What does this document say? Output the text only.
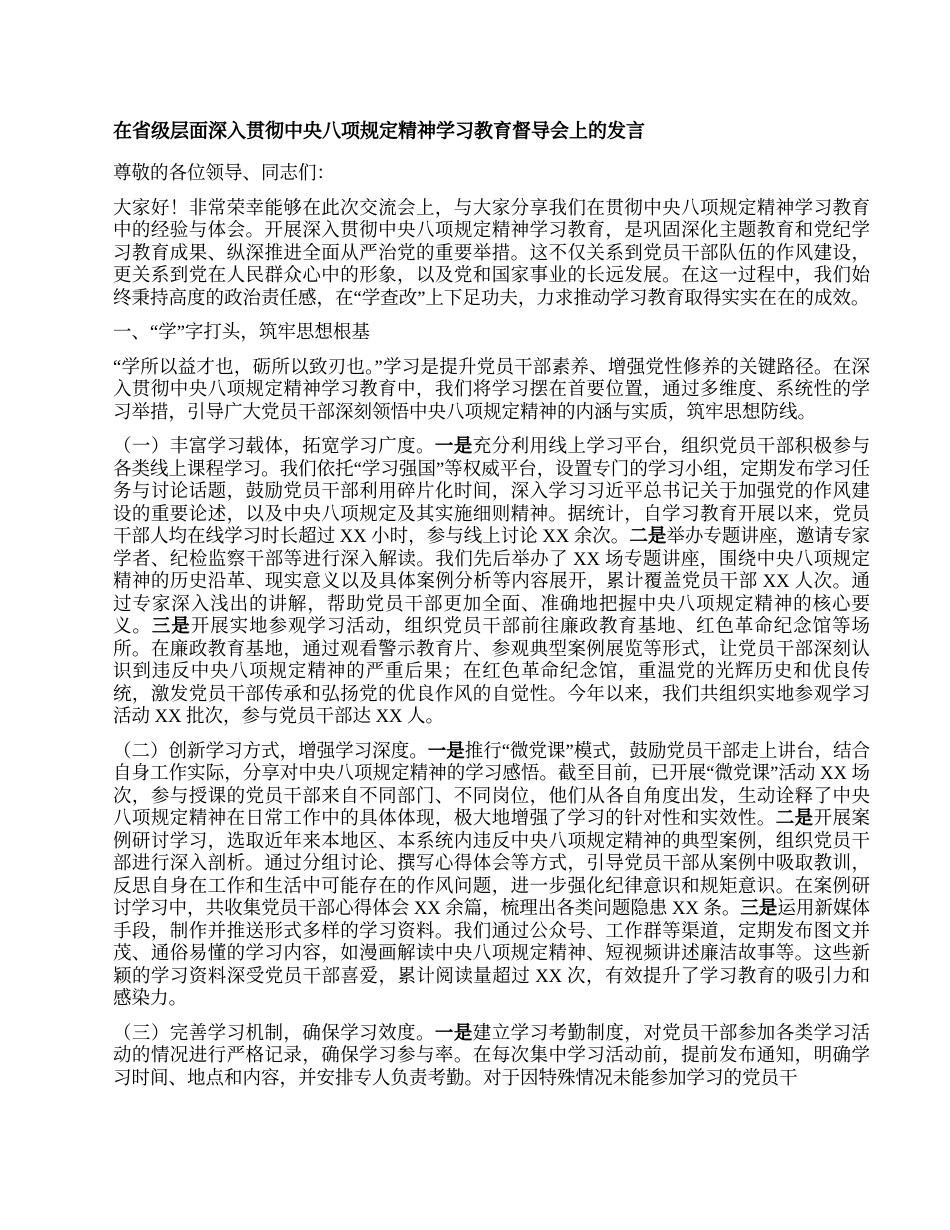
在省级层面深入贯彻中央八项规定精神学习教育督导会上的发言

尊敬的各位领导、同志们：

大家好！非常荣幸能够在此次交流会上，与大家分享我们在贯彻中央八项规定精神学习教育中的经验与体会。开展深入贯彻中央八项规定精神学习教育，是巩固深化主题教育和党纪学习教育成果、纵深推进全面从严治党的重要举措。这不仅关系到党员干部队伍的作风建设，更关系到党在人民群众心中的形象，以及党和国家事业的长远发展。在这一过程中，我们始终秉持高度的政治责任感，在“学查改”上下足功夫，力求推动学习教育取得实实在在的成效。

一、“学”字打头，筑牢思想根基

“学所以益才也，砺所以致刃也。”学习是提升党员干部素养、增强党性修养的关键路径。在深入贯彻中央八项规定精神学习教育中，我们将学习摆在首要位置，通过多维度、系统性的学习举措，引导广大党员干部深刻领悟中央八项规定精神的内涵与实质，筑牢思想防线。

（一）丰富学习载体，拓宽学习广度。一是充分利用线上学习平台，组织党员干部积极参与各类线上课程学习。我们依托“学习强国”等权威平台，设置专门的学习小组，定期发布学习任务与讨论话题，鼓励党员干部利用碎片化时间，深入学习习近平总书记关于加强党的作风建设的重要论述，以及中央八项规定及其实施细则精神。据统计，自学习教育开展以来，党员干部人均在线学习时长超过 XX 小时，参与线上讨论 XX 余次。二是举办专题讲座，邀请专家学者、纪检监察干部等进行深入解读。我们先后举办了 XX 场专题讲座，围绕中央八项规定精神的历史沿革、现实意义以及具体案例分析等内容展开，累计覆盖党员干部 XX 人次。通过专家深入浅出的讲解，帮助党员干部更加全面、准确地把握中央八项规定精神的核心要义。三是开展实地参观学习活动，组织党员干部前往廉政教育基地、红色革命纪念馆等场所。在廉政教育基地，通过观看警示教育片、参观典型案例展览等形式，让党员干部深刻认识到违反中央八项规定精神的严重后果；在红色革命纪念馆，重温党的光辉历史和优良传统，激发党员干部传承和弘扬党的优良作风的自觉性。今年以来，我们共组织实地参观学习活动 XX 批次，参与党员干部达 XX 人。

（二）创新学习方式，增强学习深度。一是推行“微党课”模式，鼓励党员干部走上讲台，结合自身工作实际，分享对中央八项规定精神的学习感悟。截至目前，已开展“微党课”活动 XX 场次，参与授课的党员干部来自不同部门、不同岗位，他们从各自角度出发，生动诠释了中央八项规定精神在日常工作中的具体体现，极大地增强了学习的针对性和实效性。二是开展案例研讨学习，选取近年来本地区、本系统内违反中央八项规定精神的典型案例，组织党员干部进行深入剖析。通过分组讨论、撰写心得体会等方式，引导党员干部从案例中吸取教训，反思自身在工作和生活中可能存在的作风问题，进一步强化纪律意识和规矩意识。在案例研讨学习中，共收集党员干部心得体会 XX 余篇，梳理出各类问题隐患 XX 条。三是运用新媒体手段，制作并推送形式多样的学习资料。我们通过公众号、工作群等渠道，定期发布图文并茂、通俗易懂的学习内容，如漫画解读中央八项规定精神、短视频讲述廉洁故事等。这些新颖的学习资料深受党员干部喜爱，累计阅读量超过 XX 次，有效提升了学习教育的吸引力和感染力。

（三）完善学习机制，确保学习效度。一是建立学习考勤制度，对党员干部参加各类学习活动的情况进行严格记录，确保学习参与率。在每次集中学习活动前，提前发布通知，明确学习时间、地点和内容，并安排专人负责考勤。对于因特殊情况未能参加学习的党员干
